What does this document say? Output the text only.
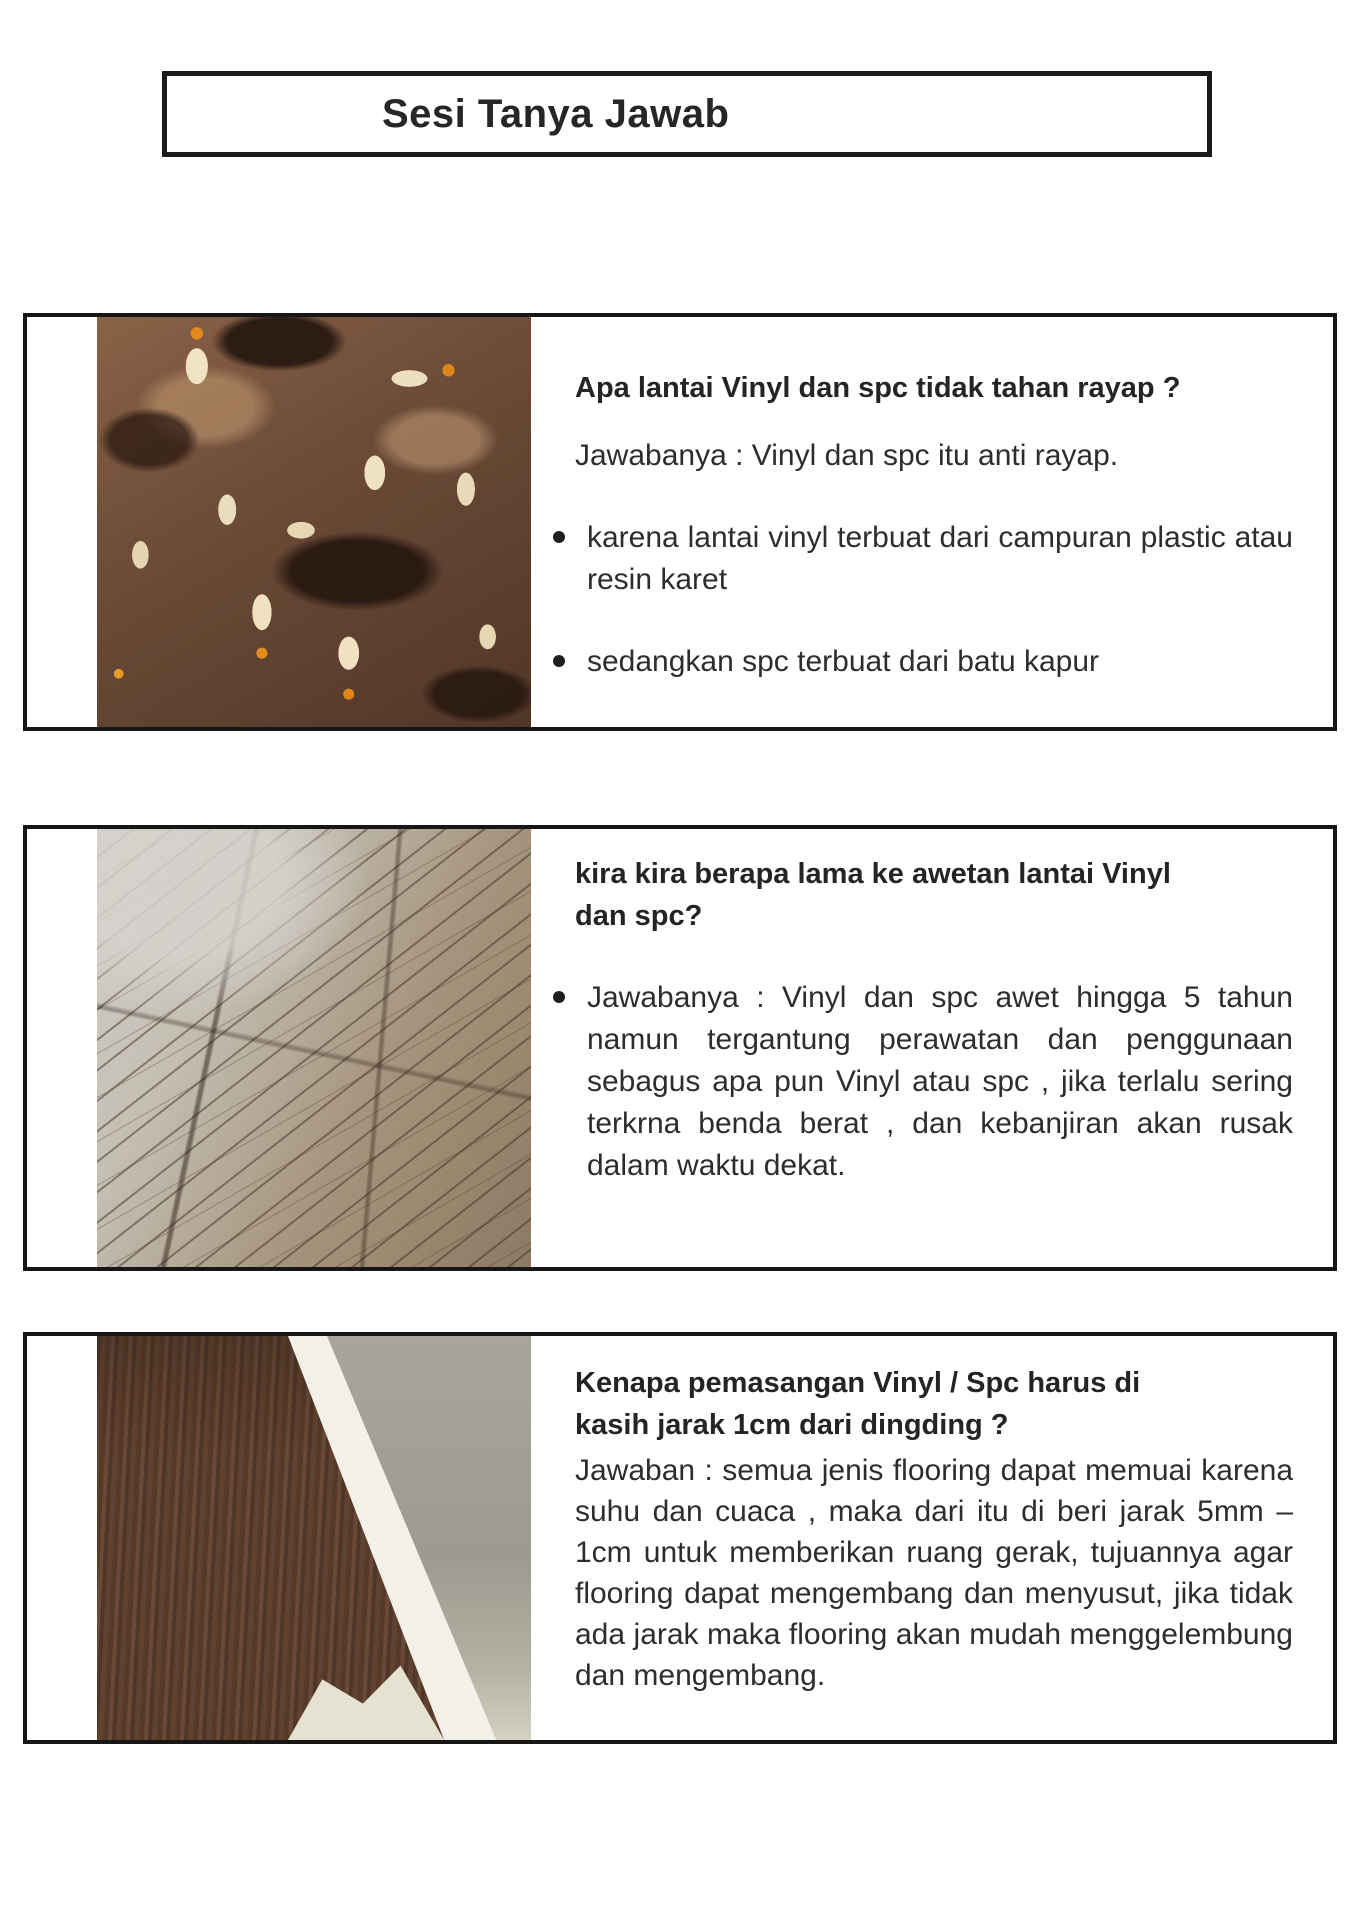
Sesi Tanya Jawab
Apa lantai Vinyl dan spc tidak tahan rayap ?

Jawabanya : Vinyl dan spc itu anti rayap.

karena lantai vinyl terbuat dari campuran plastic atau resin karet

sedangkan spc terbuat dari batu kapur

kira kira berapa lama ke awetan lantai Vinyl dan spc?

Jawabanya : Vinyl dan spc awet hingga 5 tahun namun tergantung perawatan dan penggunaan sebagus apa pun Vinyl atau spc , jika terlalu sering terkrna benda berat , dan kebanjiran akan rusak dalam waktu dekat.

Kenapa pemasangan Vinyl / Spc harus di kasih jarak 1cm dari dingding ?

Jawaban : semua jenis flooring dapat memuai karena suhu dan cuaca , maka dari itu di beri jarak 5mm – 1cm untuk memberikan ruang gerak, tujuannya agar flooring dapat mengembang dan menyusut, jika tidak ada jarak maka flooring akan mudah menggelembung dan mengembang.
